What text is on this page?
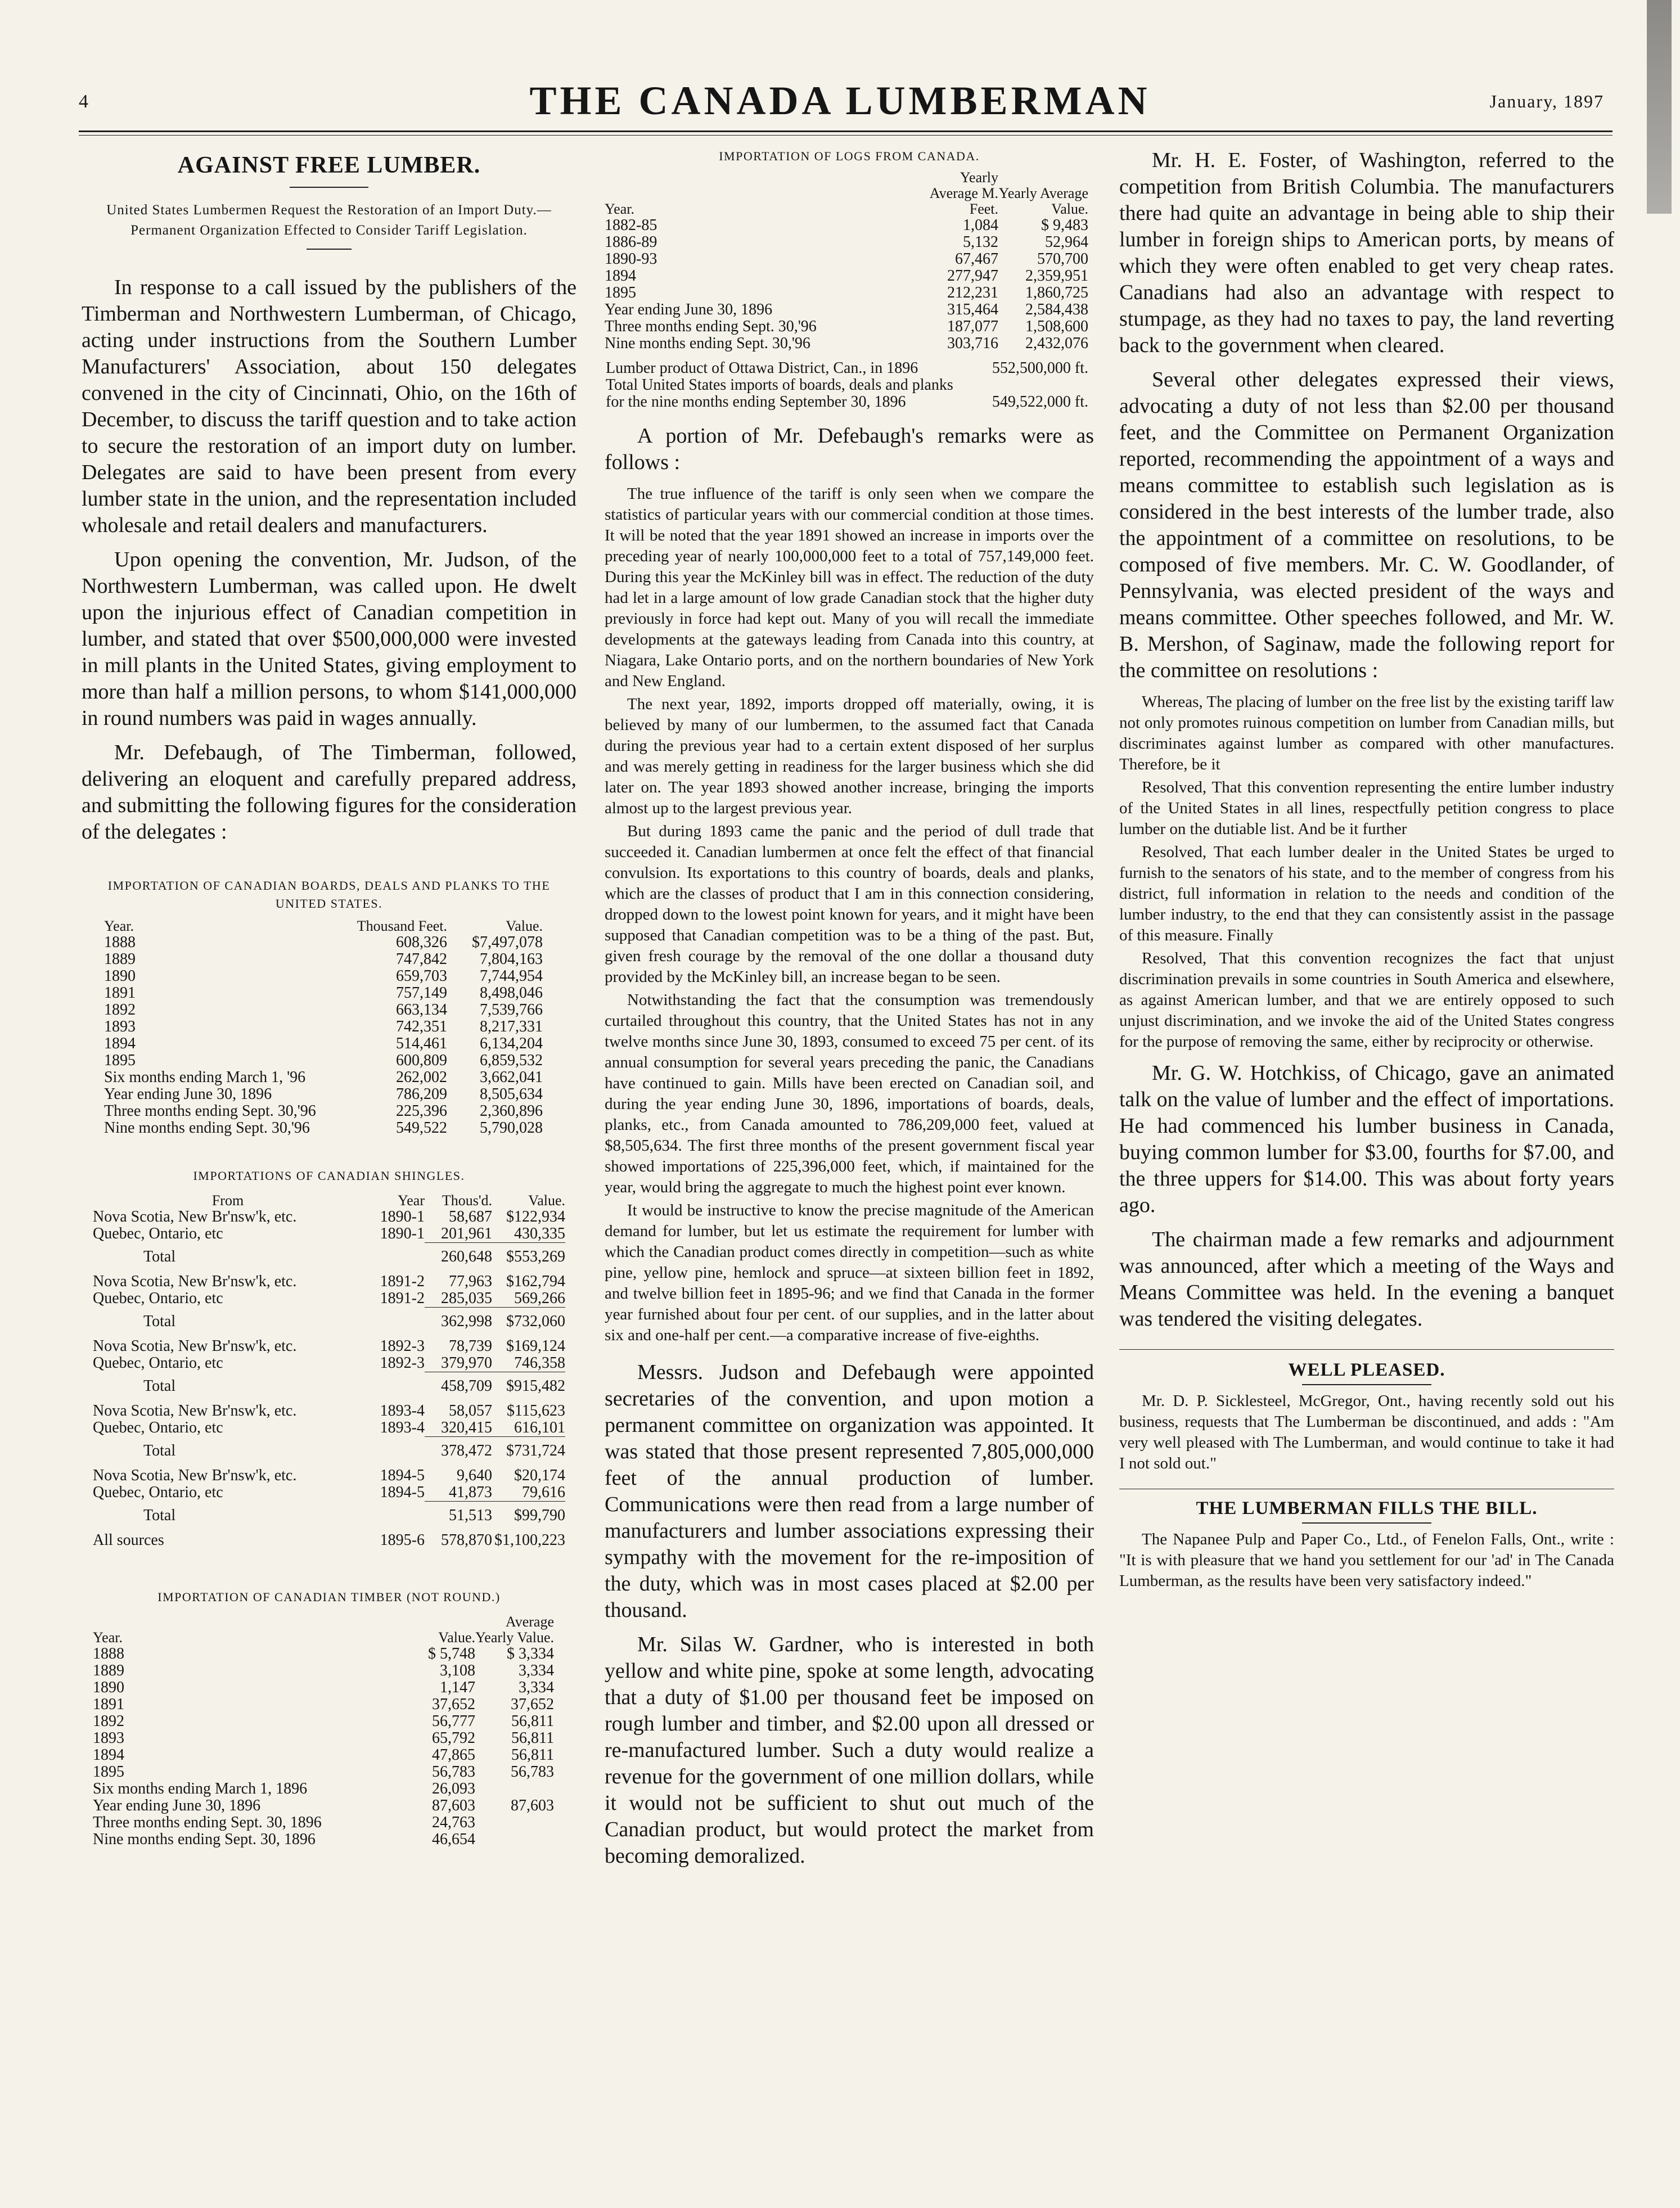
4	THE CANADA LUMBERMAN	January, 1897
AGAINST FREE LUMBER.
United States Lumbermen Request the Restoration of an Import Duty.—Permanent Organization Effected to Consider Tariff Legislation.

In response to a call issued by the publishers of the Timberman and Northwestern Lumberman, of Chicago, acting under instructions from the Southern Lumber Manufacturers' Association, about 150 delegates convened in the city of Cincinnati, Ohio, on the 16th of December, to discuss the tariff question and to take action to secure the restoration of an import duty on lumber. Delegates are said to have been present from every lumber state in the union, and the representation included wholesale and retail dealers and manufacturers.

Upon opening the convention, Mr. Judson, of the Northwestern Lumberman, was called upon. He dwelt upon the injurious effect of Canadian competition in lumber, and stated that over $500,000,000 were invested in mill plants in the United States, giving employment to more than half a million persons, to whom $141,000,000 in round numbers was paid in wages annually.

Mr. Defebaugh, of The Timberman, followed, delivering an eloquent and carefully prepared address, and submitting the following figures for the consideration of the delegates :

IMPORTATION OF CANADIAN BOARDS, DEALS AND PLANKS TO THE UNITED STATES.
Year.	Thousand Feet.	Value.
1888	608,326	$7,497,078
1889	747,842	7,804,163
1890	659,703	7,744,954
1891	757,149	8,498,046
1892	663,134	7,539,766
1893	742,351	8,217,331
1894	514,461	6,134,204
1895	600,809	6,859,532
Six months ending March 1, '96	262,002	3,662,041
Year ending June 30, 1896	786,209	8,505,634
Three months ending Sept. 30,'96	225,396	2,360,896
Nine months ending Sept. 30,'96	549,522	5,790,028
IMPORTATIONS OF CANADIAN SHINGLES.
From	Year	Thous'd.	Value.
Nova Scotia, New Br'nsw'k, etc.	1890-1	58,687	$122,934
Quebec, Ontario, etc	1890-1	201,961	430,335
Total		260,648	$553,269
Nova Scotia, New Br'nsw'k, etc.	1891-2	77,963	$162,794
Quebec, Ontario, etc	1891-2	285,035	569,266
Total		362,998	$732,060
Nova Scotia, New Br'nsw'k, etc.	1892-3	78,739	$169,124
Quebec, Ontario, etc	1892-3	379,970	746,358
Total		458,709	$915,482
Nova Scotia, New Br'nsw'k, etc.	1893-4	58,057	$115,623
Quebec, Ontario, etc	1893-4	320,415	616,101
Total		378,472	$731,724
Nova Scotia, New Br'nsw'k, etc.	1894-5	9,640	$20,174
Quebec, Ontario, etc	1894-5	41,873	79,616
Total		51,513	$99,790
All sources	1895-6	578,870	$1,100,223
IMPORTATION OF CANADIAN TIMBER (NOT ROUND.)
Year.	Value.	Average Yearly Value.
1888	$ 5,748	$ 3,334
1889	3,108	3,334
1890	1,147	3,334
1891	37,652	37,652
1892	56,777	56,811
1893	65,792	56,811
1894	47,865	56,811
1895	56,783	56,783
Six months ending March 1, 1896	26,093	
Year ending June 30, 1896	87,603	87,603
Three months ending Sept. 30, 1896	24,763	
Nine months ending Sept. 30, 1896	46,654	
IMPORTATION OF LOGS FROM CANADA.
Year.	Yearly Average M. Feet.	Yearly Average Value.
1882-85	1,084	$ 9,483
1886-89	5,132	52,964
1890-93	67,467	570,700
1894	277,947	2,359,951
1895	212,231	1,860,725
Year ending June 30, 1896	315,464	2,584,438
Three months ending Sept. 30,'96	187,077	1,508,600
Nine months ending Sept. 30,'96	303,716	2,432,076
Lumber product of Ottawa District, Can., in 1896	552,500,000 ft.
Total United States imports of boards, deals and planks for the nine months ending September 30, 1896	549,522,000 ft.

A portion of Mr. Defebaugh's remarks were as follows :

The true influence of the tariff is only seen when we compare the statistics of particular years with our commercial condition at those times. It will be noted that the year 1891 showed an increase in imports over the preceding year of nearly 100,000,000 feet to a total of 757,149,000 feet. During this year the McKinley bill was in effect. The reduction of the duty had let in a large amount of low grade Canadian stock that the higher duty previously in force had kept out. Many of you will recall the immediate developments at the gateways leading from Canada into this country, at Niagara, Lake Ontario ports, and on the northern boundaries of New York and New England.

The next year, 1892, imports dropped off materially, owing, it is believed by many of our lumbermen, to the assumed fact that Canada during the previous year had to a certain extent disposed of her surplus and was merely getting in readiness for the larger business which she did later on. The year 1893 showed another increase, bringing the imports almost up to the largest previous year.

But during 1893 came the panic and the period of dull trade that succeeded it. Canadian lumbermen at once felt the effect of that financial convulsion. Its exportations to this country of boards, deals and planks, which are the classes of product that I am in this connection considering, dropped down to the lowest point known for years, and it might have been supposed that Canadian competition was to be a thing of the past. But, given fresh courage by the removal of the one dollar a thousand duty provided by the McKinley bill, an increase began to be seen.

Notwithstanding the fact that the consumption was tremendously curtailed throughout this country, that the United States has not in any twelve months since June 30, 1893, consumed to exceed 75 per cent. of its annual consumption for several years preceding the panic, the Canadians have continued to gain. Mills have been erected on Canadian soil, and during the year ending June 30, 1896, importations of boards, deals, planks, etc., from Canada amounted to 786,209,000 feet, valued at $8,505,634. The first three months of the present government fiscal year showed importations of 225,396,000 feet, which, if maintained for the year, would bring the aggregate to much the highest point ever known.

It would be instructive to know the precise magnitude of the American demand for lumber, but let us estimate the requirement for lumber with which the Canadian product comes directly in competition—such as white pine, yellow pine, hemlock and spruce—at sixteen billion feet in 1892, and twelve billion feet in 1895-96; and we find that Canada in the former year furnished about four per cent. of our supplies, and in the latter about six and one-half per cent.—a comparative increase of five-eighths.

Messrs. Judson and Defebaugh were appointed secretaries of the convention, and upon motion a permanent committee on organization was appointed. It was stated that those present represented 7,805,000,000 feet of the annual production of lumber. Communications were then read from a large number of manufacturers and lumber associations expressing their sympathy with the movement for the re-imposition of the duty, which was in most cases placed at $2.00 per thousand.

Mr. Silas W. Gardner, who is interested in both yellow and white pine, spoke at some length, advocating that a duty of $1.00 per thousand feet be imposed on rough lumber and timber, and $2.00 upon all dressed or re-manufactured lumber. Such a duty would realize a revenue for the government of one million dollars, while it would not be sufficient to shut out much of the Canadian product, but would protect the market from becoming demoralized.

Mr. H. E. Foster, of Washington, referred to the competition from British Columbia. The manufacturers there had quite an advantage in being able to ship their lumber in foreign ships to American ports, by means of which they were often enabled to get very cheap rates. Canadians had also an advantage with respect to stumpage, as they had no taxes to pay, the land reverting back to the government when cleared.

Several other delegates expressed their views, advocating a duty of not less than $2.00 per thousand feet, and the Committee on Permanent Organization reported, recommending the appointment of a ways and means committee to establish such legislation as is considered in the best interests of the lumber trade, also the appointment of a committee on resolutions, to be composed of five members. Mr. C. W. Goodlander, of Pennsylvania, was elected president of the ways and means committee. Other speeches followed, and Mr. W. B. Mershon, of Saginaw, made the following report for the committee on resolutions :

Whereas, The placing of lumber on the free list by the existing tariff law not only promotes ruinous competition on lumber from Canadian mills, but discriminates against lumber as compared with other manufactures. Therefore, be it

Resolved, That this convention representing the entire lumber industry of the United States in all lines, respectfully petition congress to place lumber on the dutiable list. And be it further

Resolved, That each lumber dealer in the United States be urged to furnish to the senators of his state, and to the member of congress from his district, full information in relation to the needs and condition of the lumber industry, to the end that they can consistently assist in the passage of this measure. Finally

Resolved, That this convention recognizes the fact that unjust discrimination prevails in some countries in South America and elsewhere, as against American lumber, and that we are entirely opposed to such unjust discrimination, and we invoke the aid of the United States congress for the purpose of removing the same, either by reciprocity or otherwise.

Mr. G. W. Hotchkiss, of Chicago, gave an animated talk on the value of lumber and the effect of importations. He had commenced his lumber business in Canada, buying common lumber for $3.00, fourths for $7.00, and the three uppers for $14.00. This was about forty years ago.

The chairman made a few remarks and adjournment was announced, after which a meeting of the Ways and Means Committee was held. In the evening a banquet was tendered the visiting delegates.

WELL PLEASED.

Mr. D. P. Sicklesteel, McGregor, Ont., having recently sold out his business, requests that The Lumberman be discontinued, and adds : "Am very well pleased with The Lumberman, and would continue to take it had I not sold out."

THE LUMBERMAN FILLS THE BILL.

The Napanee Pulp and Paper Co., Ltd., of Fenelon Falls, Ont., write : "It is with pleasure that we hand you settlement for our 'ad' in The Canada Lumberman, as the results have been very satisfactory indeed."
